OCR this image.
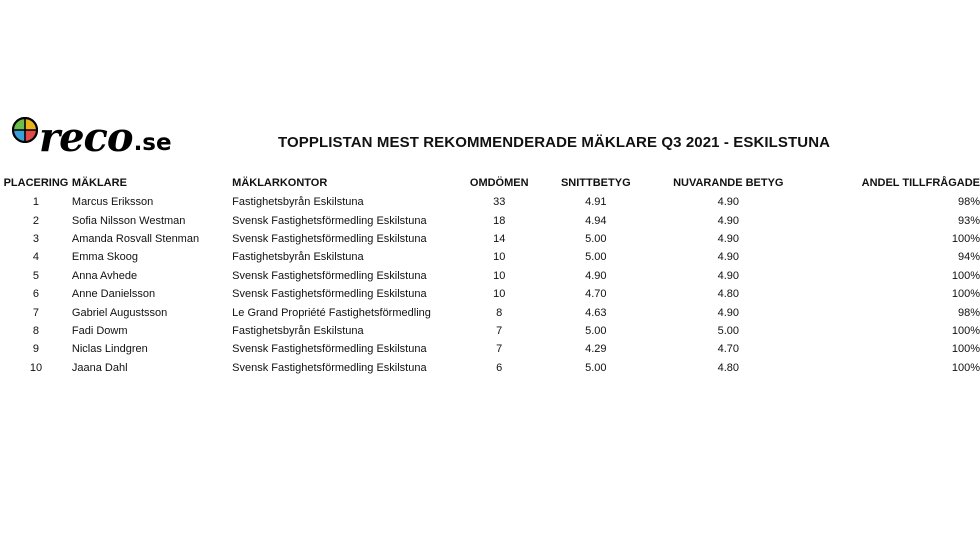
reco .se	TOPPLISTAN MEST REKOMMENDERADE MÄKLARE Q3 2021 - ESKILSTUNA
PLACERING	MÄKLARE	MÄKLARKONTOR	OMDÖMEN	SNITTBETYG	NUVARANDE BETYG	ANDEL TILLFRÅGADE
1	Marcus Eriksson	Fastighetsbyrån Eskilstuna	33	4.91	4.90	98%
2	Sofia Nilsson Westman	Svensk Fastighetsförmedling Eskilstuna	18	4.94	4.90	93%
3	Amanda Rosvall Stenman	Svensk Fastighetsförmedling Eskilstuna	14	5.00	4.90	100%
4	Emma Skoog	Fastighetsbyrån Eskilstuna	10	5.00	4.90	94%
5	Anna Avhede	Svensk Fastighetsförmedling Eskilstuna	10	4.90	4.90	100%
6	Anne Danielsson	Svensk Fastighetsförmedling Eskilstuna	10	4.70	4.80	100%
7	Gabriel Augustsson	Le Grand Propriété Fastighetsförmedling	8	4.63	4.90	98%
8	Fadi Dowm	Fastighetsbyrån Eskilstuna	7	5.00	5.00	100%
9	Niclas Lindgren	Svensk Fastighetsförmedling Eskilstuna	7	4.29	4.70	100%
10	Jaana Dahl	Svensk Fastighetsförmedling Eskilstuna	6	5.00	4.80	100%
